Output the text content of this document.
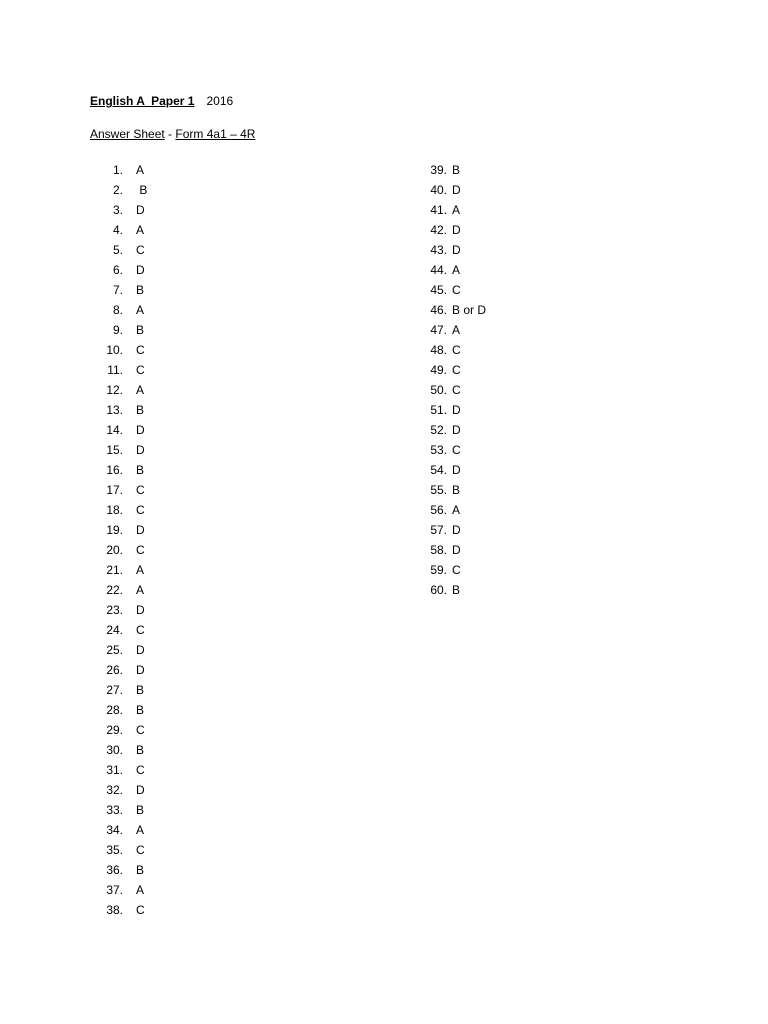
English A  Paper 1 2016
Answer Sheet - Form 4a1 – 4R
1. A
2. B
3. D
4. A
5. C
6. D
7. B
8. A
9. B
10. C
11. C
12. A
13. B
14. D
15. D
16. B
17. C
18. C
19. D
20. C
21. A
22. A
23. D
24. C
25. D
26. D
27. B
28. B
29. C
30. B
31. C
32. D
33. B
34. A
35. C
36. B
37. A
38. C
39. B
40. D
41. A
42. D
43. D
44. A
45. C
46. B or D
47. A
48. C
49. C
50. C
51. D
52. D
53. C
54. D
55. B
56. A
57. D
58. D
59. C
60. B
